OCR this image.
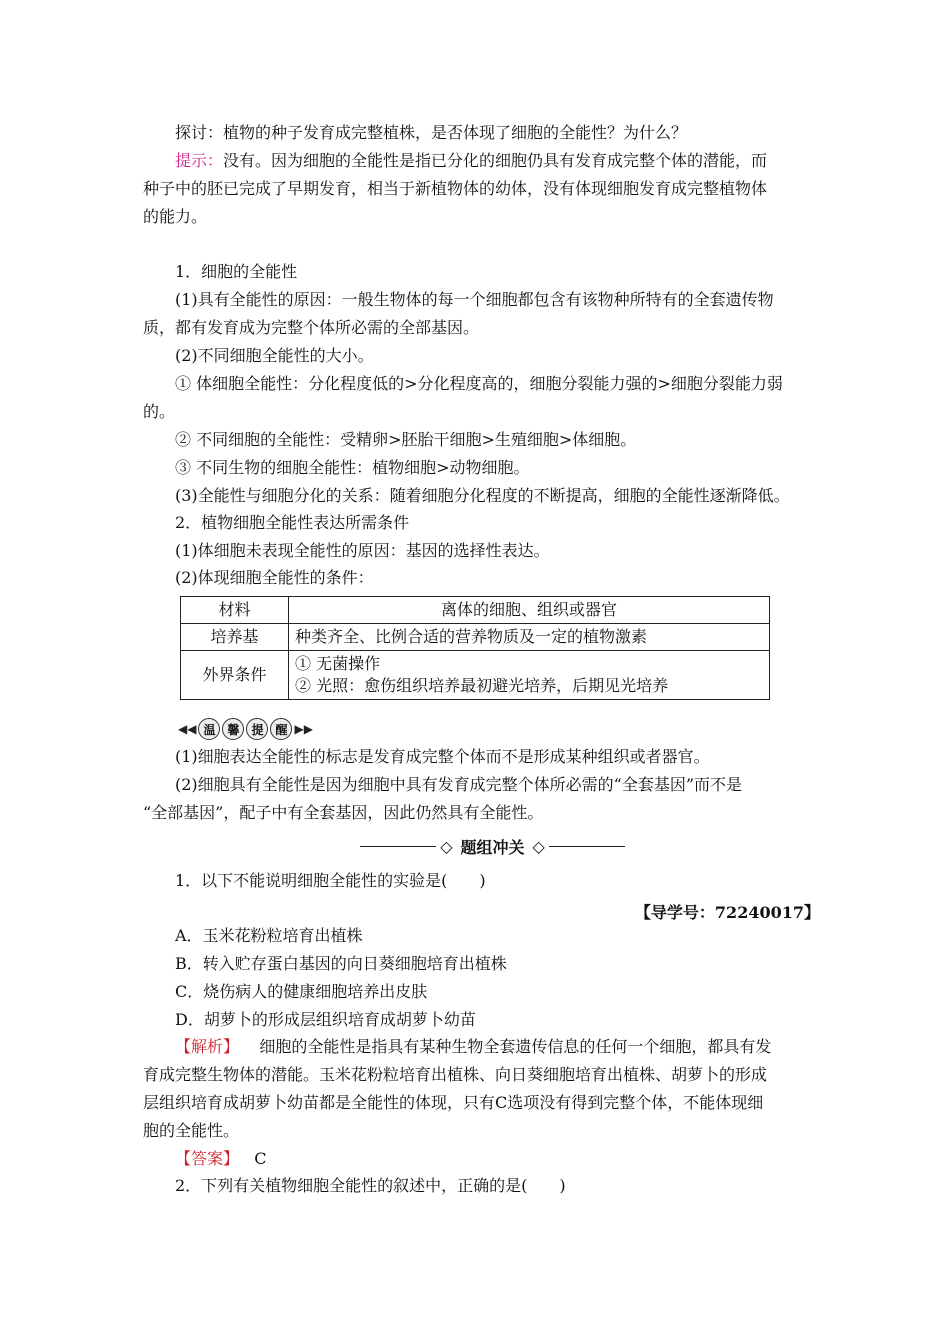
探讨：植物的种子发育成完整植株，是否体现了细胞的全能性？为什么？
提示：没有。因为细胞的全能性是指已分化的细胞仍具有发育成完整个体的潜能，而
种子中的胚已完成了早期发育，相当于新植物体的幼体，没有体现细胞发育成完整植物体
的能力。
1．细胞的全能性
(1)具有全能性的原因：一般生物体的每一个细胞都包含有该物种所特有的全套遗传物
质，都有发育成为完整个体所必需的全部基因。
(2)不同细胞全能性的大小。
① 体细胞全能性：分化程度低的>分化程度高的，细胞分裂能力强的>细胞分裂能力弱
的。
② 不同细胞的全能性：受精卵>胚胎干细胞>生殖细胞>体细胞。
③ 不同生物的细胞全能性：植物细胞>动物细胞。
(3)全能性与细胞分化的关系：随着细胞分化程度的不断提高，细胞的全能性逐渐降低。
2．植物细胞全能性表达所需条件
(1)体细胞未表现全能性的原因：基因的选择性表达。
(2)体现细胞全能性的条件：
材料	离体的细胞、组织或器官
培养基	种类齐全、比例合适的营养物质及一定的植物激素
外界条件	① 无菌操作
② 光照：愈伤组织培养最初避光培养，后期见光培养
◀◀ 温 馨 提 醒 ▶▶
(1)细胞表达全能性的标志是发育成完整个体而不是形成某种组织或者器官。
(2)细胞具有全能性是因为细胞中具有发育成完整个体所必需的“全套基因”而不是
“全部基因”，配子中有全套基因，因此仍然具有全能性。
◇ 题组冲关 ◇
1．以下不能说明细胞全能性的实验是(　　)
【导学号：72240017】
A．玉米花粉粒培育出植株
B．转入贮存蛋白基因的向日葵细胞培育出植株
C．烧伤病人的健康细胞培养出皮肤
D．胡萝卜的形成层组织培育成胡萝卜幼苗
【解析】 细胞的全能性是指具有某种生物全套遗传信息的任何一个细胞，都具有发
育成完整生物体的潜能。玉米花粉粒培育出植株、向日葵细胞培育出植株、胡萝卜的形成
层组织培育成胡萝卜幼苗都是全能性的体现，只有C选项没有得到完整个体，不能体现细
胞的全能性。
【答案】 C
2．下列有关植物细胞全能性的叙述中，正确的是(　　)
